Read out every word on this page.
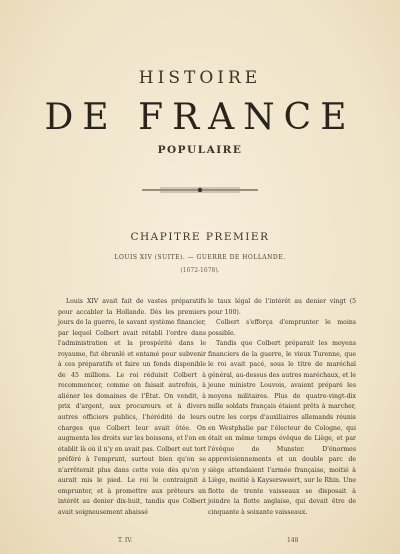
HISTOIRE
DE FRANCE
POPULAIRE
CHAPITRE PREMIER
LOUIS XIV (SUITE). — GUERRE DE HOLLANDE.
(1672-1678).

Louis XIV avait fait de vastes préparatifs pour accabler la Hollande. Dès les premiers jours de la guerre, le savant système financier, par lequel Colbert avait rétabli l'ordre dans l'administration et la prospérité dans le royaume, fut ébranlé et entamé pour subvenir à ces préparatifs et faire un fonds disponible de 45 millions. Le roi réduisit Colbert à recommencer, comme on faisait autrefois, à aliéner les domaines de l'État. On vendit, à prix d'argent, aux procureurs et à divers autres officiers publics, l'hérédité de leurs charges que Colbert leur avait ôtée. On augmenta les droits sur les boissons, et l'on en établit là où il n'y en avait pas. Colbert eut tort préféré à l'emprunt, surtout bien qu'on se n'arrêterait plus dans cette voie dès qu'on y aurait mis le pied. Le roi le contraignit à emprunter, et à promettre aux prêteurs un intérêt au denier dix-huit, tandis que Colbert avait soigneusement abaissé

le taux légal de l'intérêt au denier vingt (5 pour 100).

Colbert s'efforça d'emprunter le moins possible.

Tandis que Colbert préparait les moyens financiers de la guerre, le vieux Turenne, que le roi avait pacé, sous le titre de maréchal général, au-dessus des autres maréchaux, et le jeune ministre Louvois, avaient préparé les moyens militaires. Plus de quatre-vingt-dix mille soldats français étaient prêts à marcher, outre les corps d'auxiliaires allemands réunis en Westphalie par l'électeur de Cologne, qui était en même temps évêque de Liège, et par l'évêque de Munster. D'énormes approvisionnements et un double parc de siège attendaient l'armée française, moitié à Liège, moitié à Kaysersweert, sur le Rhin. Une flotte de trente vaisseaux se disposait à joindre la flotte anglaise, qui devait être de cinquante à soixante vaisseaux.

T. IV.	148
